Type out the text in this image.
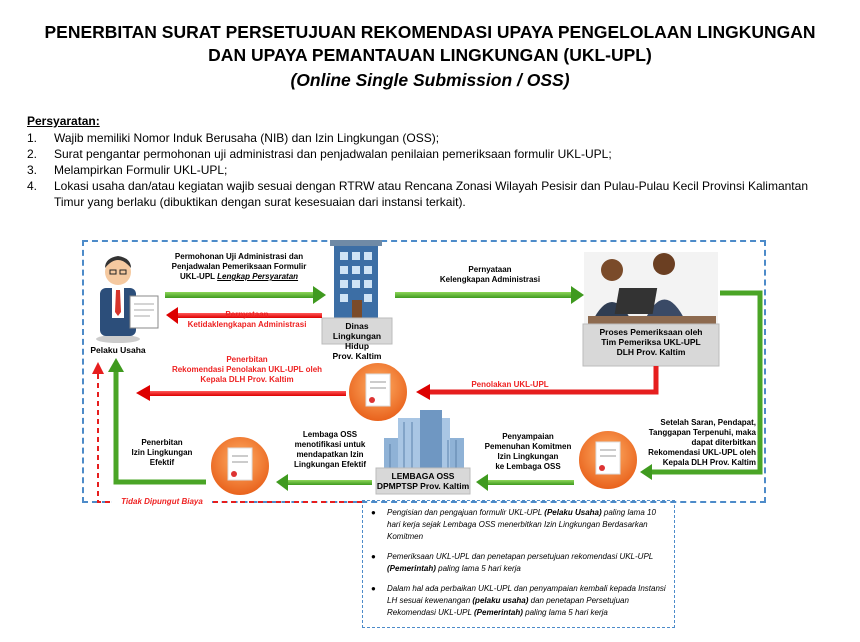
PENERBITAN SURAT PERSETUJUAN REKOMENDASI UPAYA PENGELOLAAN LINGKUNGAN
DAN UPAYA PEMANTAUAN LINGKUNGAN (UKL-UPL)
(Online Single Submission / OSS)
Persyaratan:
1. Wajib memiliki Nomor Induk Berusaha (NIB) dan Izin Lingkungan (OSS);
2. Surat pengantar permohonan uji administrasi dan penjadwalan penilaian pemeriksaan formulir UKL-UPL;
3. Melampirkan Formulir UKL-UPL;
4. Lokasi usaha dan/atau kegiatan wajib sesuai dengan RTRW atau Rencana Zonasi Wilayah Pesisir dan Pulau-Pulau Kecil Provinsi Kalimantan Timur yang berlaku (dibuktikan dengan surat kesesuaian dari instansi terkait).
Pelaku Usaha
Dinas Lingkungan Hidup
Prov. Kaltim
Proses Pemeriksaan oleh
Tim Pemeriksa UKL-UPL
DLH Prov. Kaltim
LEMBAGA OSS
DPMPTSP Prov. Kaltim
Permohonan Uji Administrasi dan
Penjadwalan Pemeriksaan Formulir
UKL-UPL Lengkap Persyaratan
Pernyataan
Kelengkapan Administrasi
Pernyataan
Ketidaklengkapan Administrasi
Penerbitan
Rekomendasi Penolakan UKL-UPL oleh
Kepala DLH Prov. Kaltim
Penolakan UKL-UPL
Setelah Saran, Pendapat,
Tanggapan Terpenuhi, maka
dapat diterbitkan
Rekomendasi UKL-UPL oleh
Kepala DLH Prov. Kaltim
Penyampaian
Pemenuhan Komitmen
Izin Lingkungan
ke Lembaga OSS
Lembaga OSS
menotifikasi untuk
mendapatkan Izin
Lingkungan Efektif
Penerbitan
Izin Lingkungan
Efektif
Tidak Dipungut Biaya
● Pengisian dan pengajuan formulir UKL-UPL (Pelaku Usaha) paling lama 10 hari kerja sejak Lembaga OSS menerbitkan Izin Lingkungan Berdasarkan Komitmen
● Pemeriksaan UKL-UPL dan penetapan persetujuan rekomendasi UKL-UPL (Pemerintah) paling lama 5 hari kerja
● Dalam hal ada perbaikan UKL-UPL dan penyampaian kembali kepada Instansi LH sesuai kewenangan (pelaku usaha) dan penetapan Persetujuan Rekomendasi UKL-UPL (Pemerintah) paling lama 5 hari kerja
